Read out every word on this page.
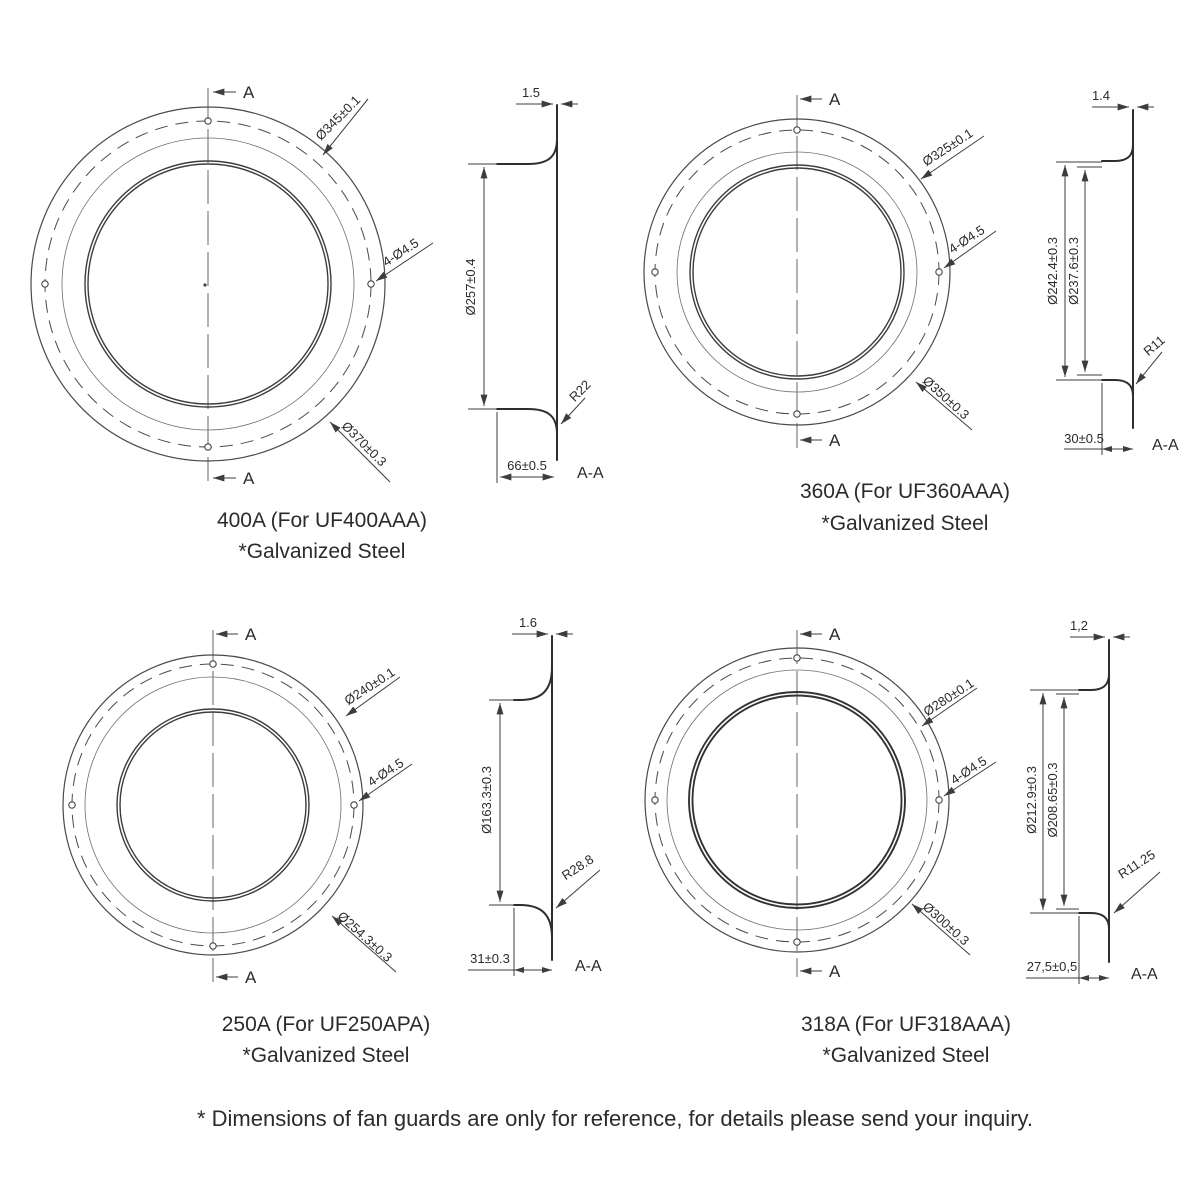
A
A
Ø345±0.1
4-Ø4.5
Ø370±0.3
1.5
Ø257±0.4
R22
66±0.5 A-A
A
A
Ø325±0.1
4-Ø4.5
Ø350±0.3
1.4
Ø242.4±0.3 Ø237.6±0.3
R11
30±0.5	A-A
A
A
Ø240±0.1
4-Ø4.5
Ø254.3±0.3
1.6
Ø163.3±0.3
R28.8
31±0.3	A-A
A
A
Ø280±0.1
4-Ø4.5
Ø300±0.3
1,2
Ø212.9±0.3 Ø208.65±0.3
R11.25
27,5±0,5	A-A
400A (For UF400AAA)
*Galvanized Steel
360A (For UF360AAA)
*Galvanized Steel
250A (For UF250APA)
*Galvanized Steel
318A (For UF318AAA)
*Galvanized Steel
* Dimensions of fan guards are only for reference, for details please send your inquiry.
